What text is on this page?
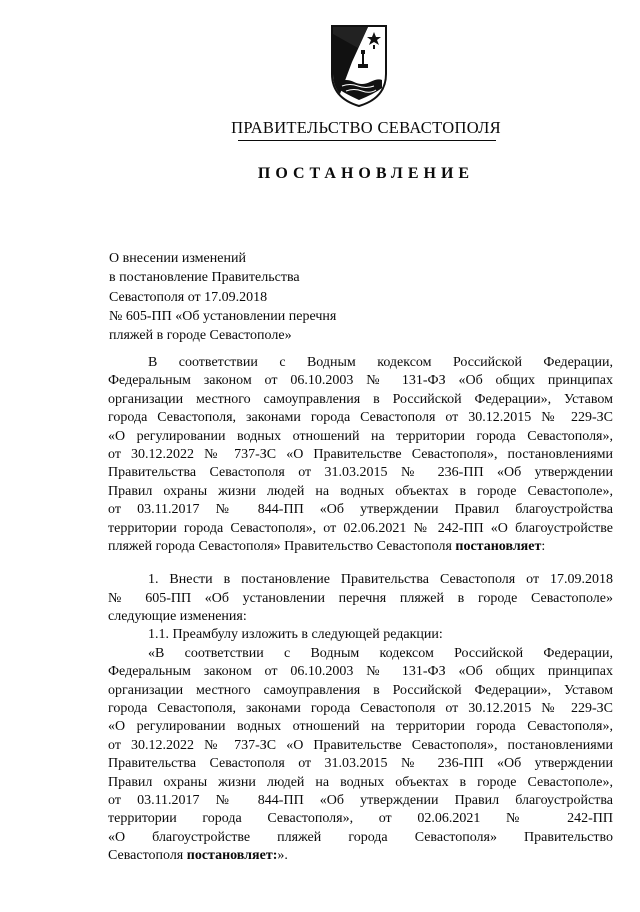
ПРАВИТЕЛЬСТВО СЕВАСТОПОЛЯ
ПОСТАНОВЛЕНИЕ
О внесении изменений
в постановление Правительства
Севастополя от 17.09.2018
№ 605-ПП «Об установлении перечня
пляжей в городе Севастополе»
В соответствии с Водным кодексом Российской Федерации,
Федеральным законом от 06.10.2003 № 131-ФЗ «Об общих принципах
организации местного самоуправления в Российской Федерации», Уставом
города Севастополя, законами города Севастополя от 30.12.2015 № 229-ЗС
«О регулировании водных отношений на территории города Севастополя»,
от 30.12.2022 № 737-ЗС «О Правительстве Севастополя», постановлениями
Правительства Севастополя от 31.03.2015 № 236-ПП «Об утверждении
Правил охраны жизни людей на водных объектах в городе Севастополе»,
от 03.11.2017 № 844-ПП «Об утверждении Правил благоустройства
территории города Севастополя», от 02.06.2021 № 242-ПП «О благоустройстве
пляжей города Севастополя» Правительство Севастополя постановляет:
1. Внести в постановление Правительства Севастополя от 17.09.2018
№ 605-ПП «Об установлении перечня пляжей в городе Севастополе»
следующие изменения:
1.1. Преамбулу изложить в следующей редакции:
«В соответствии с Водным кодексом Российской Федерации,
Федеральным законом от 06.10.2003 № 131-ФЗ «Об общих принципах
организации местного самоуправления в Российской Федерации», Уставом
города Севастополя, законами города Севастополя от 30.12.2015 № 229-ЗС
«О регулировании водных отношений на территории города Севастополя»,
от 30.12.2022 № 737-ЗС «О Правительстве Севастополя», постановлениями
Правительства Севастополя от 31.03.2015 № 236-ПП «Об утверждении
Правил охраны жизни людей на водных объектах в городе Севастополе»,
от 03.11.2017 № 844-ПП «Об утверждении Правил благоустройства
территории города Севастополя», от 02.06.2021 № 242-ПП
«О благоустройстве пляжей города Севастополя» Правительство
Севастополя постановляет:».
